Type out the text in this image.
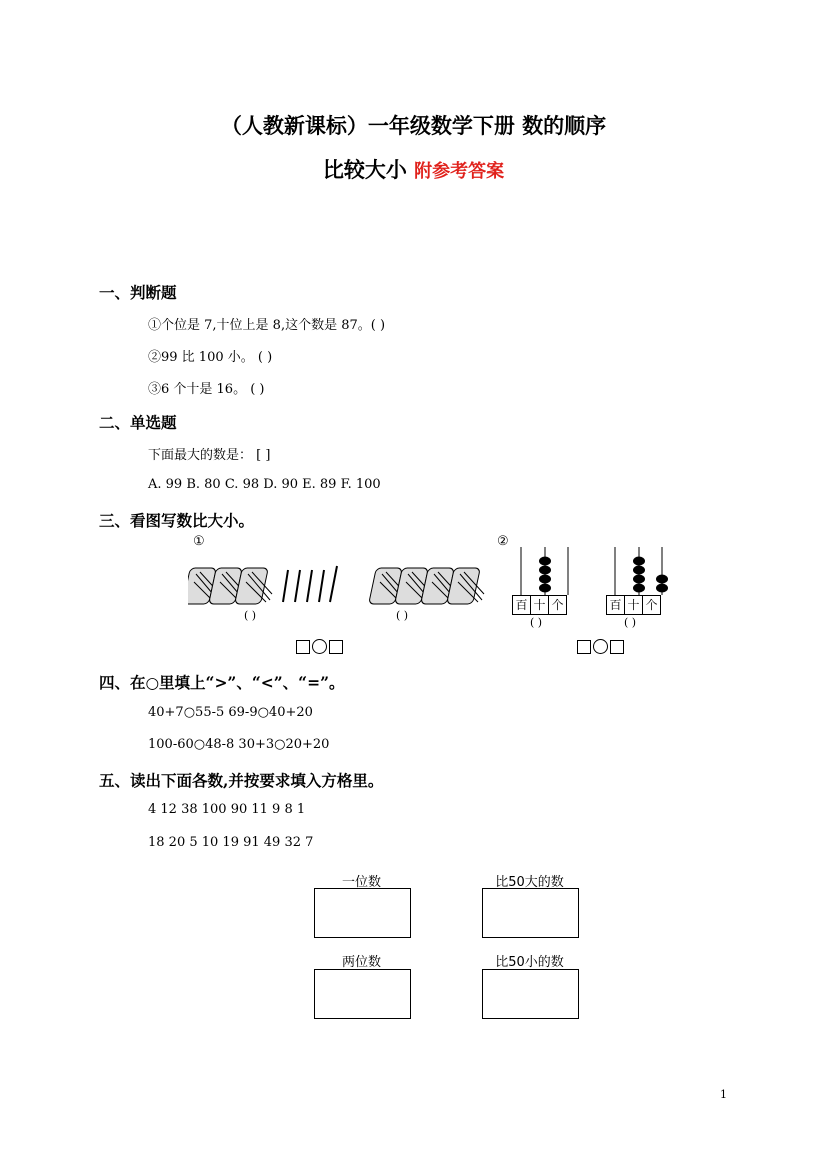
（人教新课标）一年级数学下册 数的顺序
比较大小 附参考答案
一、判断题
①个位是 7,十位上是 8,这个数是 87。( )
②99 比 100 小。 ( )
③6 个十是 16。 ( )
二、单选题
下面最大的数是： [ ]
A. 99 B. 80 C. 98 D. 90 E. 89 F. 100
三、看图写数比大小。
①	②
( )	( )
百 十 个	百 十 个
( )	( )
四、在○里填上“>”、“<”、“=”。
40+7○55-5 69-9○40+20
100-60○48-8 30+3○20+20
五、读出下面各数,并按要求填入方格里。
4 12 38 100 90 11 9 8 1
18 20 5 10 19 91 49 32 7
一位数	比50大的数
两位数	比50小的数
1
